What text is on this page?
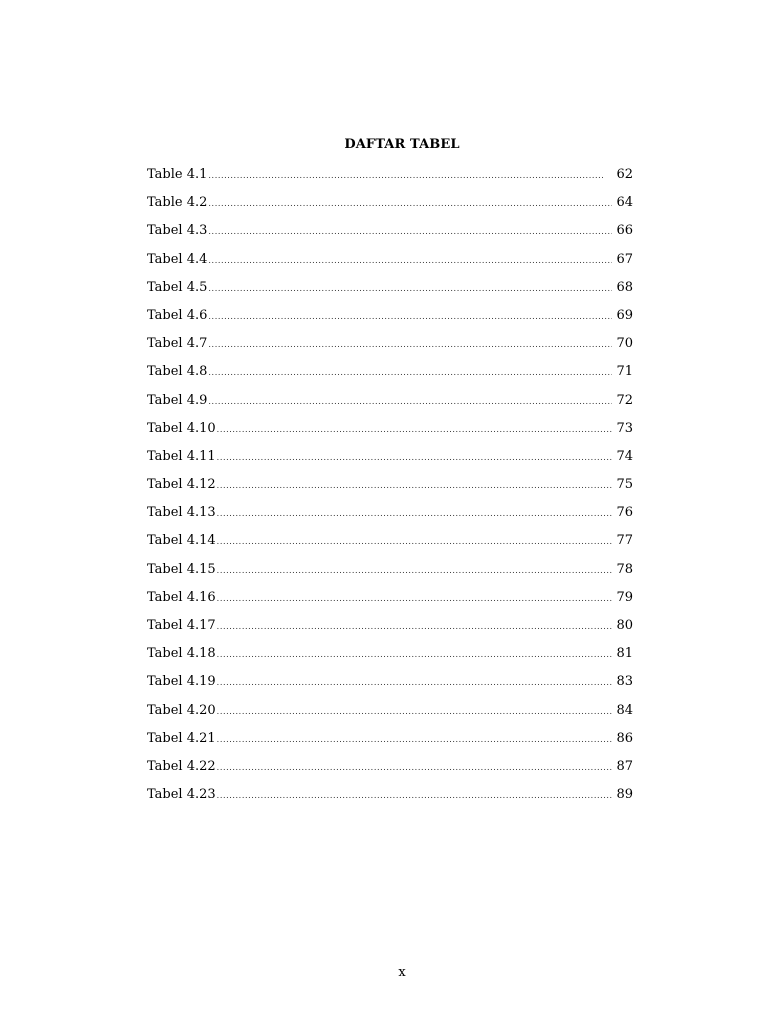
DAFTAR TABEL
Table 4.1 .....	62
Table 4.2 .....	64
Tabel 4.3 .....	66
Tabel 4.4 .....	67
Tabel 4.5 .....	68
Tabel 4.6 .....	69
Tabel 4.7 .....	70
Tabel 4.8 .....	71
Tabel 4.9 .....	72
Tabel 4.10 .....	73
Tabel 4.11 .....	74
Tabel 4.12 .....	75
Tabel 4.13 .....	76
Tabel 4.14 .....	77
Tabel 4.15 .....	78
Tabel 4.16 .....	79
Tabel 4.17 .....	80
Tabel 4.18 .....	81
Tabel 4.19 .....	83
Tabel 4.20 .....	84
Tabel 4.21 .....	86
Tabel 4.22 .....	87
Tabel 4.23 .....	89
x
